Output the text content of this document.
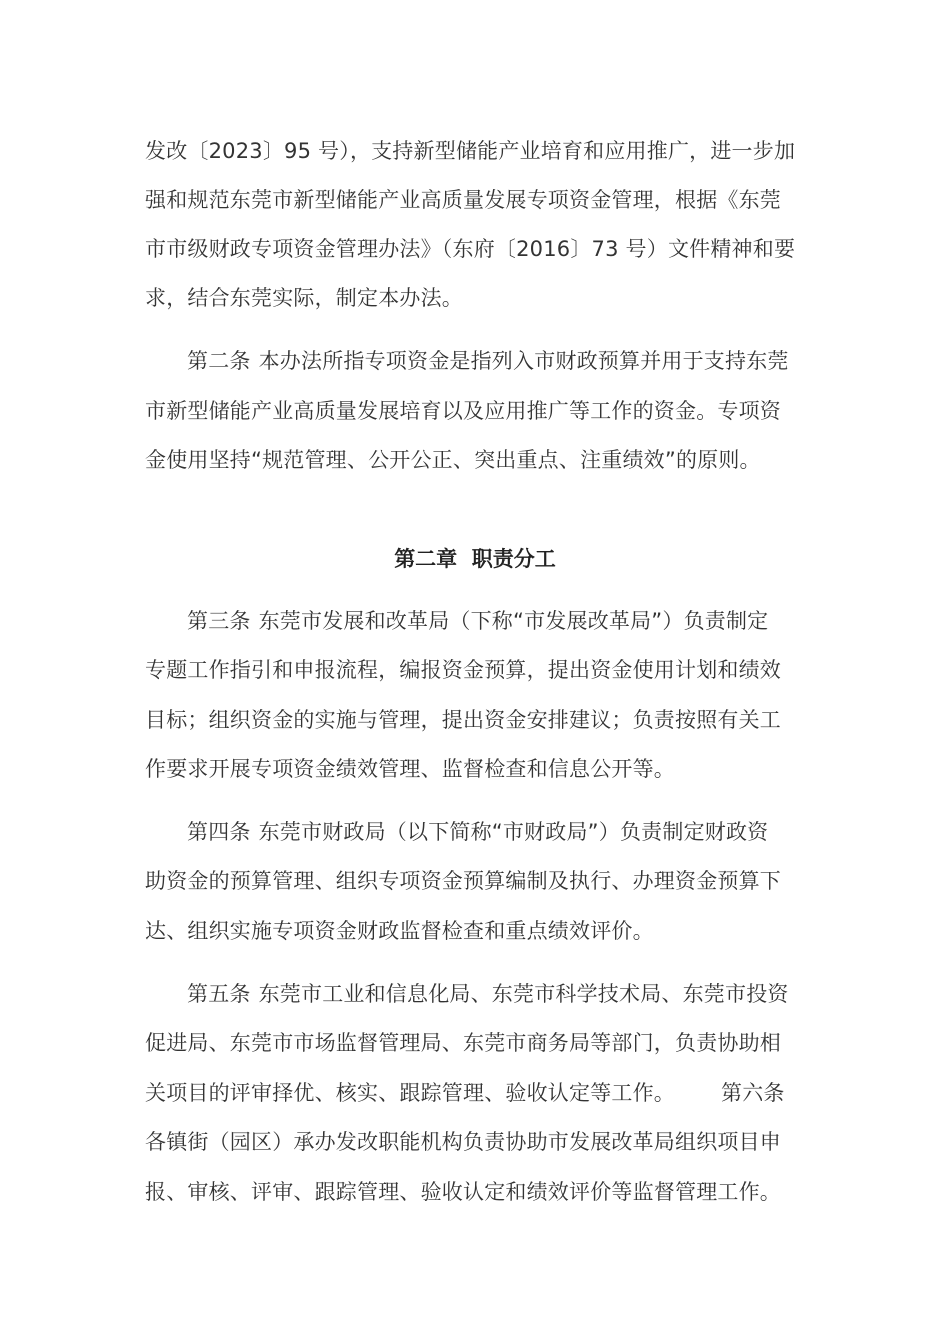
发改〔2023〕95 号），支持新型储能产业培育和应用推广，进一步加
强和规范东莞市新型储能产业高质量发展专项资金管理，根据《东莞
市市级财政专项资金管理办法》（东府〔2016〕73 号）文件精神和要
求，结合东莞实际，制定本办法。
第二条 本办法所指专项资金是指列入市财政预算并用于支持东莞
市新型储能产业高质量发展培育以及应用推广等工作的资金。专项资
金使用坚持“规范管理、公开公正、突出重点、注重绩效”的原则。
第二章  职责分工
第三条 东莞市发展和改革局（下称“市发展改革局”）负责制定
专题工作指引和申报流程，编报资金预算，提出资金使用计划和绩效
目标；组织资金的实施与管理，提出资金安排建议；负责按照有关工
作要求开展专项资金绩效管理、监督检查和信息公开等。
第四条 东莞市财政局（以下简称“市财政局”）负责制定财政资
助资金的预算管理、组织专项资金预算编制及执行、办理资金预算下
达、组织实施专项资金财政监督检查和重点绩效评价。
第五条 东莞市工业和信息化局、东莞市科学技术局、东莞市投资
促进局、东莞市市场监督管理局、东莞市商务局等部门，负责协助相
关项目的评审择优、核实、跟踪管理、验收认定等工作。 第六条
各镇街（园区）承办发改职能机构负责协助市发展改革局组织项目申
报、审核、评审、跟踪管理、验收认定和绩效评价等监督管理工作。
